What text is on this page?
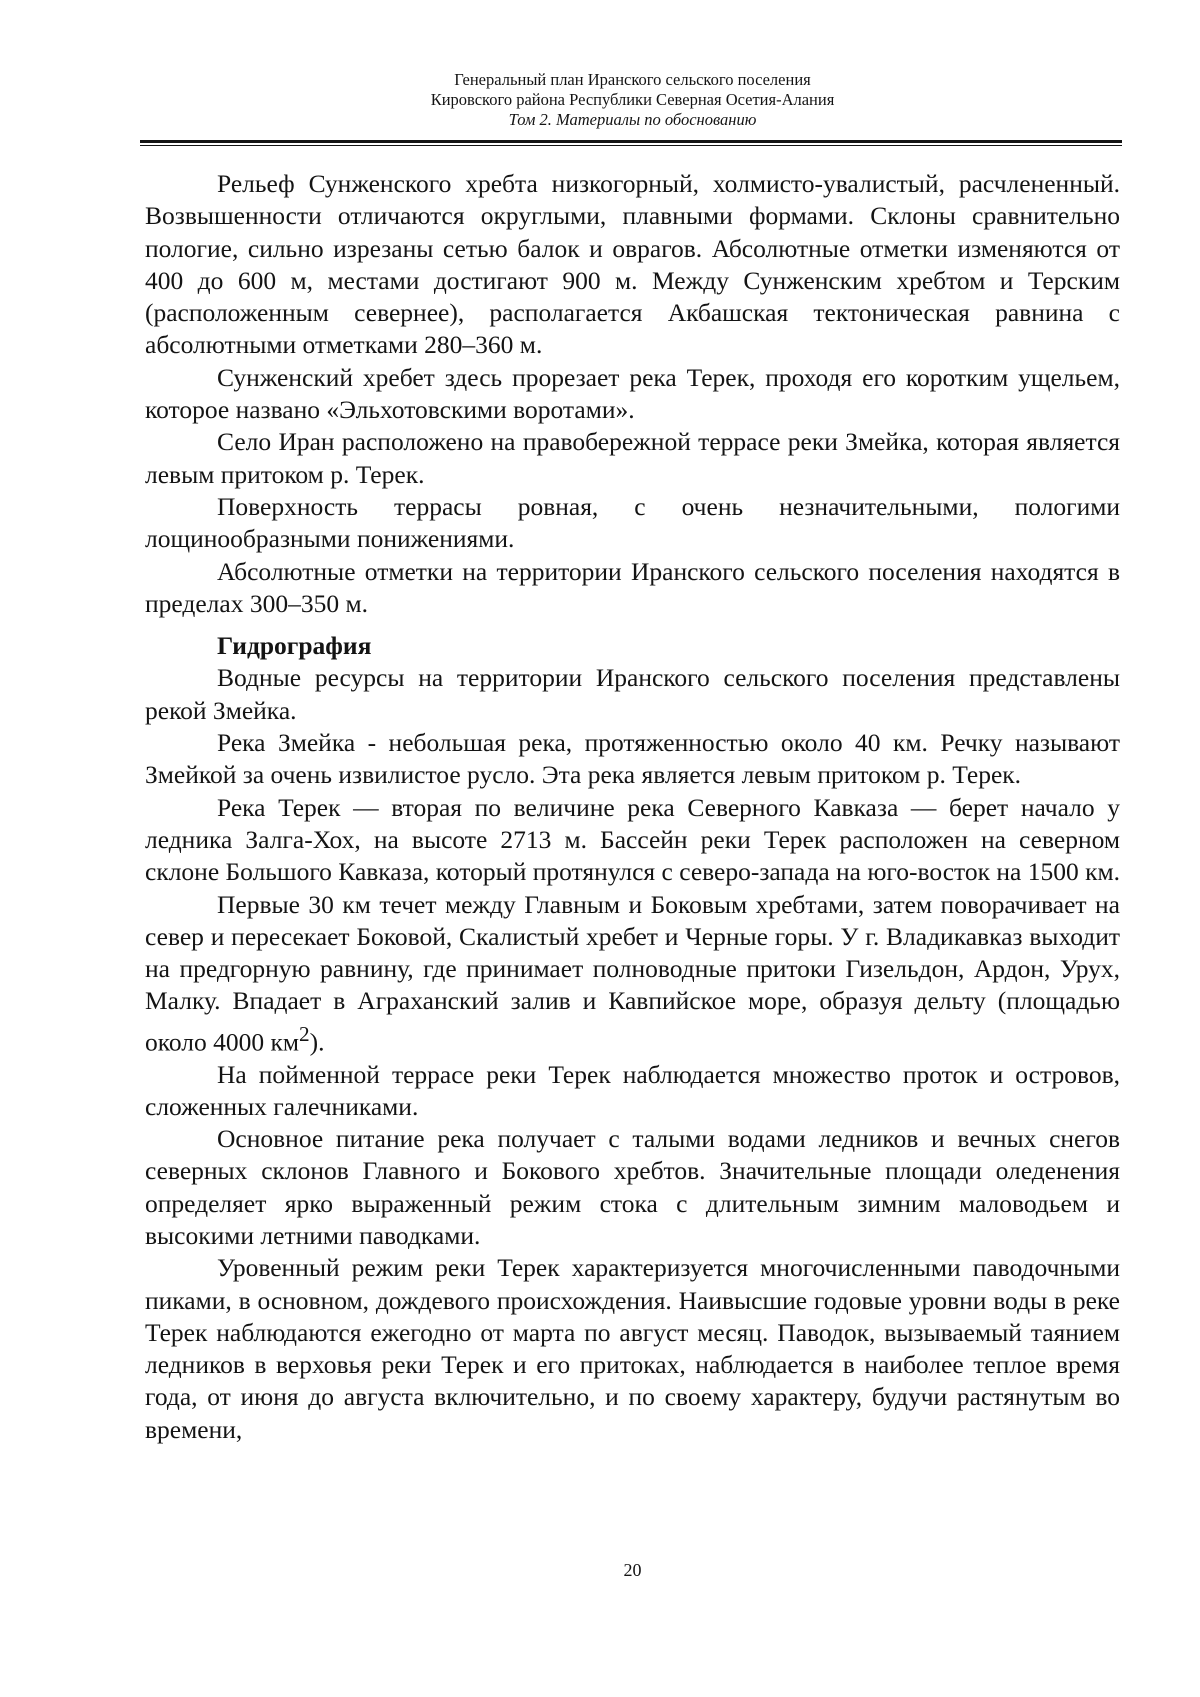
Генеральный план Иранского сельского поселения
Кировского района Республики Северная Осетия-Алания
Том 2. Материалы по обоснованию

Рельеф Сунженского хребта низкогорный, холмисто-увалистый, расчлененный. Возвышенности отличаются округлыми, плавными формами. Склоны сравнительно пологие, сильно изрезаны сетью балок и оврагов. Абсолютные отметки изменяются от 400 до 600 м, местами достигают 900 м. Между Сунженским хребтом и Терским (расположенным севернее), располагается Акбашская тектоническая равнина с абсолютными отметками 280–360 м.

Сунженский хребет здесь прорезает река Терек, проходя его коротким ущельем, которое названо «Эльхотовскими воротами».

Село Иран расположено на правобережной террасе реки Змейка, которая является левым притоком р. Терек.

Поверхность террасы ровная, с очень незначительными, пологими лощинообразными понижениями.

Абсолютные отметки на территории Иранского сельского поселения находятся в пределах 300–350 м.

Гидрография

Водные ресурсы на территории Иранского сельского поселения представлены рекой Змейка.

Река Змейка - небольшая река, протяженностью около 40 км. Речку называют Змейкой за очень извилистое русло. Эта река является левым притоком р. Терек.

Река Терек — вторая по величине река Северного Кавказа — берет начало у ледника Залга-Хох, на высоте 2713 м. Бассейн реки Терек расположен на северном склоне Большого Кавказа, который протянулся с северо-запада на юго-восток на 1500 км.

Первые 30 км течет между Главным и Боковым хребтами, затем поворачивает на север и пересекает Боковой, Скалистый хребет и Черные горы. У г. Владикавказ выходит на предгорную равнину, где принимает полноводные притоки Гизельдон, Ардон, Урух, Малку. Впадает в Аграханский залив и Кавпийское море, образуя дельту (площадью около 4000 $км^2$).

На пойменной террасе реки Терек наблюдается множество проток и островов, сложенных галечниками.

Основное питание река получает с талыми водами ледников и вечных снегов северных склонов Главного и Бокового хребтов. Значительные площади оледенения определяет ярко выраженный режим стока с длительным зимним маловодьем и высокими летними паводками.

Уровенный режим реки Терек характеризуется многочисленными паводочными пиками, в основном, дождевого происхождения. Наивысшие годовые уровни воды в реке Терек наблюдаются ежегодно от марта по август месяц. Паводок, вызываемый таянием ледников в верховья реки Терек и его притоках, наблюдается в наиболее теплое время года, от июня до августа включительно, и по своему характеру, будучи растянутым во времени,

20
